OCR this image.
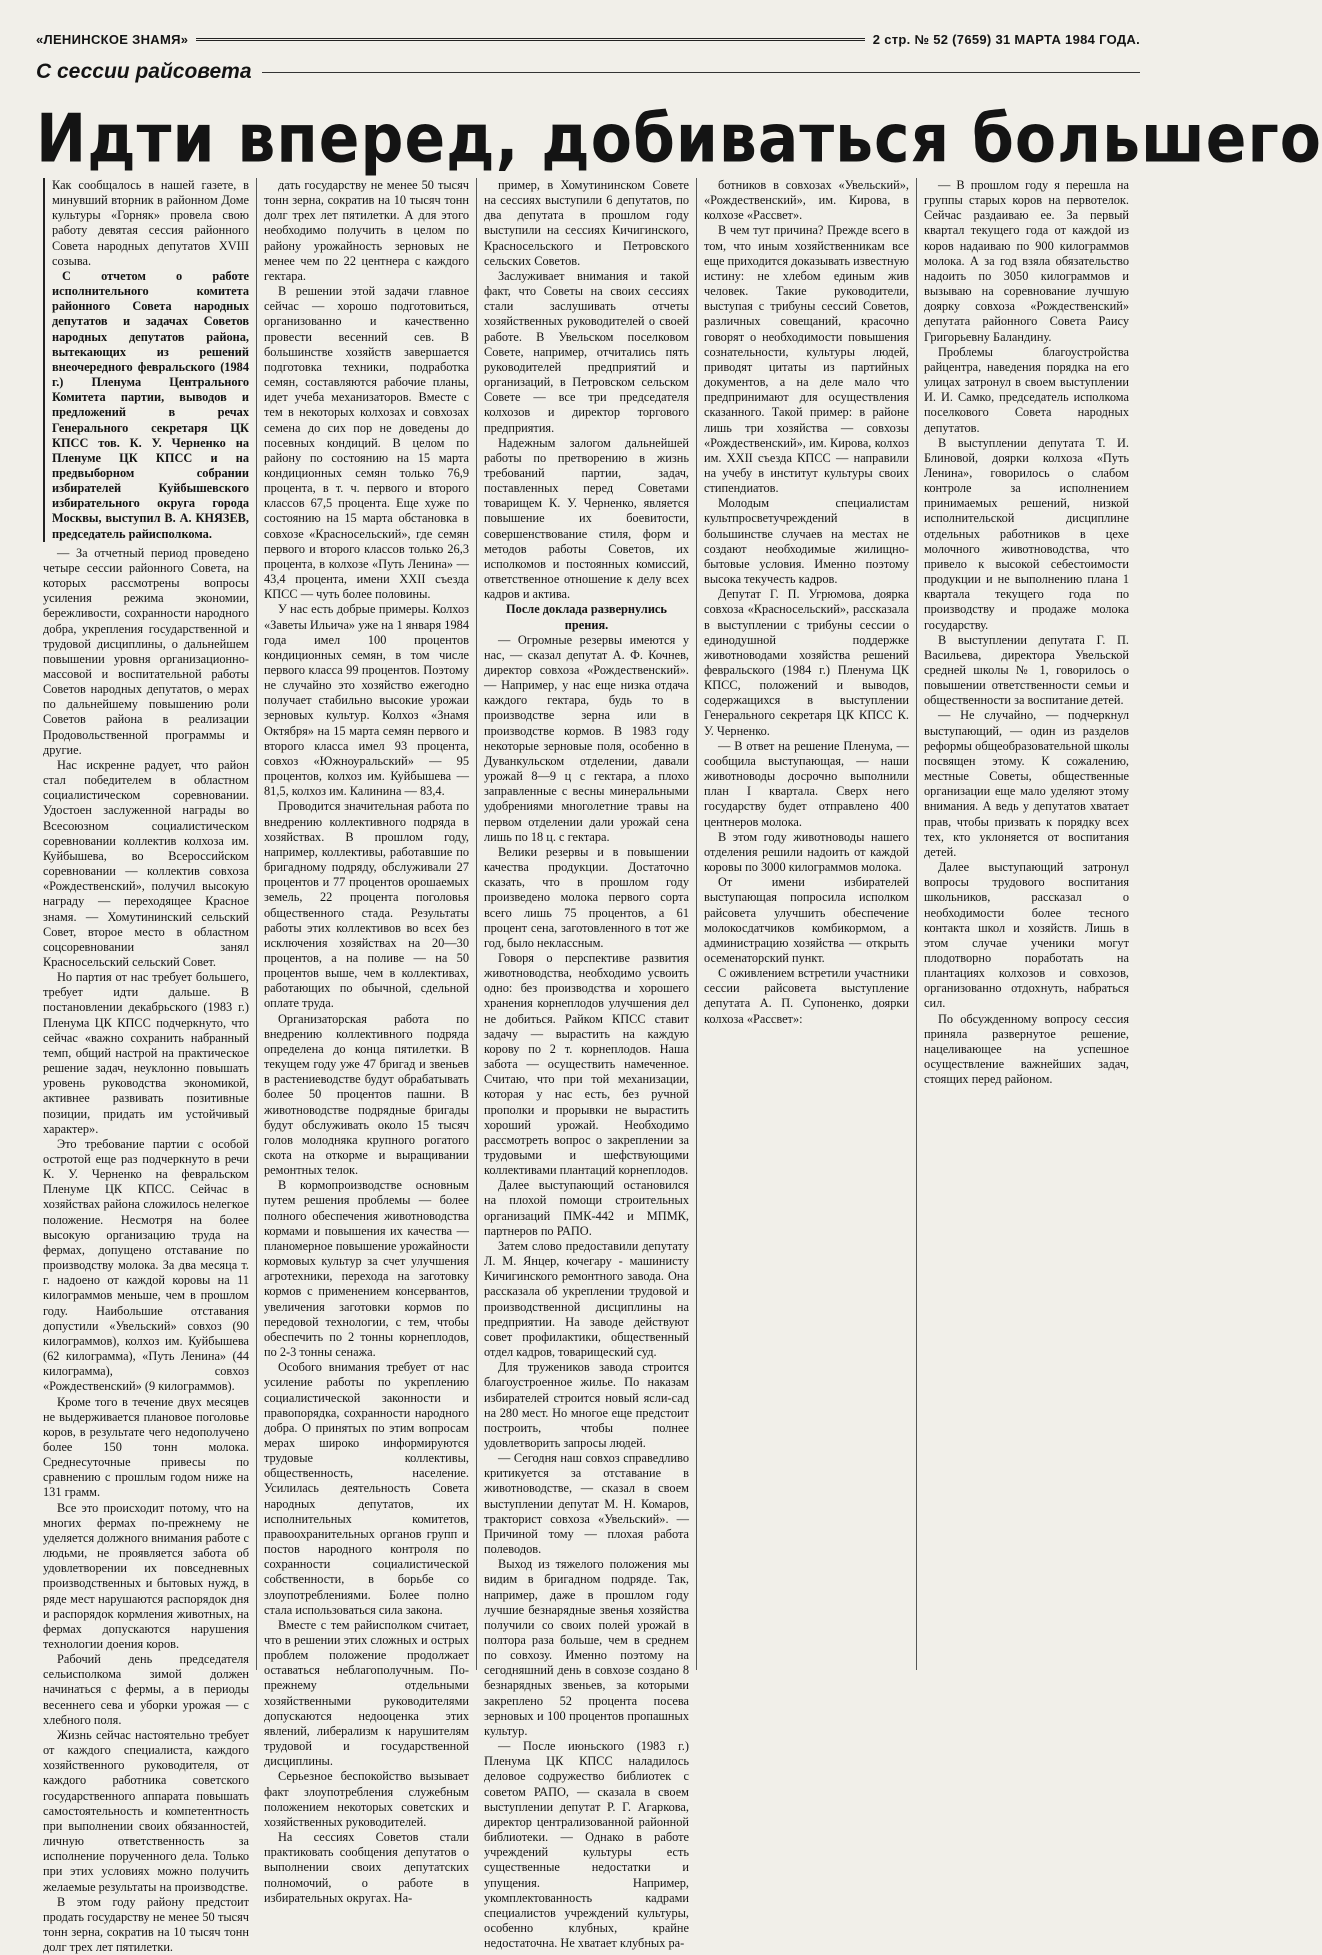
«ЛЕНИНСКОЕ ЗНАМЯ»	2 стр. № 52 (7659) 31 МАРТА 1984 ГОДА.
С сессии райсовета
Идти вперед, добиваться большего

Как сообщалось в нашей газете, в минувший вторник в районном Доме культуры «Горняк» провела свою работу девятая сессия районного Совета народных депутатов XVIII созыва.

С отчетом о работе исполнительного комитета районного Совета народных депутатов и задачах Советов народных депутатов района, вытекающих из решений внеочередного февральского (1984 г.) Пленума Центрального Комитета партии, выводов и предложений в речах Генерального секретаря ЦК КПСС тов. К. У. Черненко на Пленуме ЦК КПСС и на предвыборном собрании избирателей Куйбышевского избирательного округа города Москвы, выступил В. А. КНЯЗЕВ, председатель райисполкома.

— За отчетный период проведено четыре сессии районного Совета, на которых рассмотрены вопросы усиления режима экономии, бережливости, сохранности народного добра, укрепления государственной и трудовой дисциплины, о дальнейшем повышении уровня организационно-массовой и воспитательной работы Советов народных депутатов, о мерах по дальнейшему повышению роли Советов района в реализации Продовольственной программы и другие.

Нас искренне радует, что район стал победителем в областном социалистическом соревновании. Удостоен заслуженной награды во Всесоюзном социалистическом соревновании коллектив колхоза им. Куйбышева, во Всероссийском соревновании — коллектив совхоза «Рождественский», получил высокую награду — переходящее Красное знамя. — Хомутининский сельский Совет, второе место в областном соцсоревновании занял Красносельский сельский Совет.

Но партия от нас требует большего, требует идти дальше. В постановлении декабрьского (1983 г.) Пленума ЦК КПСС подчеркнуто, что сейчас «важно сохранить набранный темп, общий настрой на практическое решение задач, неуклонно повышать уровень руководства экономикой, активнее развивать позитивные позиции, придать им устойчивый характер».

Это требование партии с особой остротой еще раз подчеркнуто в речи К. У. Черненко на февральском Пленуме ЦК КПСС. Сейчас в хозяйствах района сложилось нелегкое положение. Несмотря на более высокую организацию труда на фермах, допущено отставание по производству молока. За два месяца т. г. надоено от каждой коровы на 11 килограммов меньше, чем в прошлом году. Наибольшие отставания допустили «Увельский» совхоз (90 килограммов), колхоз им. Куйбышева (62 килограмма), «Путь Ленина» (44 килограмма), совхоз «Рождественский» (9 килограммов).

Кроме того в течение двух месяцев не выдерживается плановое поголовье коров, в результате чего недополучено более 150 тонн молока. Среднесуточные привесы по сравнению с прошлым годом ниже на 131 грамм.

Все это происходит потому, что на многих фермах по-прежнему не уделяется должного внимания работе с людьми, не проявляется забота об удовлетворении их повседневных производственных и бытовых нужд, в ряде мест нарушаются распорядок дня и распорядок кормления животных, на фермах допускаются нарушения технологии доения коров.

Рабочий день председателя сельисполкома зимой должен начинаться с фермы, а в периоды весеннего сева и уборки урожая — с хлебного поля.

Жизнь сейчас настоятельно требует от каждого специалиста, каждого хозяйственного руководителя, от каждого работника советского государственного аппарата повышать самостоятельность и компетентность при выполнении своих обязанностей, личную ответственность за исполнение порученного дела. Только при этих условиях можно получить желаемые результаты на производстве.

В этом году району предстоит продать государству не менее 50 тысяч тонн зерна, сократив на 10 тысяч тонн долг трех лет пятилетки.

дать государству не менее 50 тысяч тонн зерна, сократив на 10 тысяч тонн долг трех лет пятилетки. А для этого необходимо получить в целом по району урожайность зерновых не менее чем по 22 центнера с каждого гектара.

В решении этой задачи главное сейчас — хорошо подготовиться, организованно и качественно провести весенний сев. В большинстве хозяйств завершается подготовка техники, подработка семян, составляются рабочие планы, идет учеба механизаторов. Вместе с тем в некоторых колхозах и совхозах семена до сих пор не доведены до посевных кондиций. В целом по району по состоянию на 15 марта кондиционных семян только 76,9 процента, в т. ч. первого и второго классов 67,5 процента. Еще хуже по состоянию на 15 марта обстановка в совхозе «Красносельский», где семян первого и второго классов только 26,3 процента, в колхозе «Путь Ленина» — 43,4 процента, имени XXII съезда КПСС — чуть более половины.

У нас есть добрые примеры. Колхоз «Заветы Ильича» уже на 1 января 1984 года имел 100 процентов кондиционных семян, в том числе первого класса 99 процентов. Поэтому не случайно это хозяйство ежегодно получает стабильно высокие урожаи зерновых культур. Колхоз «Знамя Октября» на 15 марта семян первого и второго класса имел 93 процента, совхоз «Южноуральский» — 95 процентов, колхоз им. Куйбышева — 81,5, колхоз им. Калинина — 83,4.

Проводится значительная работа по внедрению коллективного подряда в хозяйствах. В прошлом году, например, коллективы, работавшие по бригадному подряду, обслуживали 27 процентов и 77 процентов орошаемых земель, 22 процента поголовья общественного стада. Результаты работы этих коллективов во всех без исключения хозяйствах на 20—30 процентов, а на поливе — на 50 процентов выше, чем в коллективах, работающих по обычной, сдельной оплате труда.

Организаторская работа по внедрению коллективного подряда определена до конца пятилетки. В текущем году уже 47 бригад и звеньев в растениеводстве будут обрабатывать более 50 процентов пашни. В животноводстве подрядные бригады будут обслуживать около 15 тысяч голов молодняка крупного рогатого скота на откорме и выращивании ремонтных телок.

В кормопроизводстве основным путем решения проблемы — более полного обеспечения животноводства кормами и повышения их качества — планомерное повышение урожайности кормовых культур за счет улучшения агротехники, перехода на заготовку кормов с применением консервантов, увеличения заготовки кормов по передовой технологии, с тем, чтобы обеспечить по 2 тонны корнеплодов, по 2-3 тонны сенажа.

Особого внимания требует от нас усиление работы по укреплению социалистической законности и правопорядка, сохранности народного добра. О принятых по этим вопросам мерах широко информируются трудовые коллективы, общественность, население. Усилилась деятельность Совета народных депутатов, их исполнительных комитетов, правоохранительных органов групп и постов народного контроля по сохранности социалистической собственности, в борьбе со злоупотреблениями. Более полно стала использоваться сила закона.

Вместе с тем райисполком считает, что в решении этих сложных и острых проблем положение продолжает оставаться неблагополучным. По-прежнему отдельными хозяйственными руководителями допускаются недооценка этих явлений, либерализм к нарушителям трудовой и государственной дисциплины.

Серьезное беспокойство вызывает факт злоупотребления служебным положением некоторых советских и хозяйственных руководителей.

На сессиях Советов стали практиковать сообщения депутатов о выполнении своих депутатских полномочий, о работе в избирательных округах. На-

пример, в Хомутининском Совете на сессиях выступили 6 депутатов, по два депутата в прошлом году выступили на сессиях Кичигинского, Красносельского и Петровского сельских Советов.

Заслуживает внимания и такой факт, что Советы на своих сессиях стали заслушивать отчеты хозяйственных руководителей о своей работе. В Увельском поселковом Совете, например, отчитались пять руководителей предприятий и организаций, в Петровском сельском Совете — все три председателя колхозов и директор торгового предприятия.

Надежным залогом дальнейшей работы по претворению в жизнь требований партии, задач, поставленных перед Советами товарищем К. У. Черненко, является повышение их боевитости, совершенствование стиля, форм и методов работы Советов, их исполкомов и постоянных комиссий, ответственное отношение к делу всех кадров и актива.

После доклада развернулись прения.

— Огромные резервы имеются у нас, — сказал депутат А. Ф. Кочнев, директор совхоза «Рождественский». — Например, у нас еще низка отдача каждого гектара, будь то в производстве зерна или в производстве кормов. В 1983 году некоторые зерновые поля, особенно в Дуванкульском отделении, давали урожай 8—9 ц с гектара, а плохо заправленные с весны минеральными удобрениями многолетние травы на первом отделении дали урожай сена лишь по 18 ц. с гектара.

Велики резервы и в повышении качества продукции. Достаточно сказать, что в прошлом году произведено молока первого сорта всего лишь 75 процентов, а 61 процент сена, заготовленного в тот же год, было некласcным.

Говоря о перспективе развития животноводства, необходимо усвоить одно: без производства и хорошего хранения корнеплодов улучшения дел не добиться. Райком КПСС ставит задачу — вырастить на каждую корову по 2 т. корнеплодов. Наша забота — осуществить намеченное. Считаю, что при той механизации, которая у нас есть, без ручной прополки и прорывки не вырастить хороший урожай. Необходимо рассмотреть вопрос о закреплении за трудовыми и шефствующими коллективами плантаций корнеплодов.

Далее выступающий остановился на плохой помощи строительных организаций ПМК-442 и МПМК, партнеров по РАПО.

Затем слово предоставили депутату Л. М. Янцер, кочегару - машинисту Кичигинского ремонтного завода. Она рассказала об укреплении трудовой и производственной дисциплины на предприятии. На заводе действуют совет профилактики, общественный отдел кадров, товарищеский суд.

Для тружеников завода строится благоустроенное жилье. По наказам избирателей строится новый ясли-сад на 280 мест. Но многое еще предстоит построить, чтобы полнее удовлетворить запросы людей.

— Сегодня наш совхоз справедливо критикуется за отставание в животноводстве, — сказал в своем выступлении депутат М. Н. Комаров, тракторист совхоза «Увельский». — Причиной тому — плохая работа полеводов.

Выход из тяжелого положения мы видим в бригадном подряде. Так, например, даже в прошлом году лучшие безнарядные звенья хозяйства получили со своих полей урожай в полтора раза больше, чем в среднем по совхозу. Именно поэтому на сегодняшний день в совхозе создано 8 безнарядных звеньев, за которыми закреплено 52 процента посева зерновых и 100 процентов пропашных культур.

— После июньского (1983 г.) Пленума ЦК КПСС наладилось деловое содружество библиотек с советом РАПО, — сказала в своем выступлении депутат Р. Г. Агаркова, директор централизованной районной библиотеки. — Однако в работе учреждений культуры есть существенные недостатки и упущения. Например, укомплектованность кадрами специалистов учреждений культуры, особенно клубных, крайне недостаточна. Не хватает клубных ра-

ботников в совхозах «Увельский», «Рождественский», им. Кирова, в колхозе «Рассвет».

В чем тут причина? Прежде всего в том, что иным хозяйственникам все еще приходится доказывать известную истину: не хлебом единым жив человек. Такие руководители, выступая с трибуны сессий Советов, различных совещаний, красочно говорят о необходимости повышения сознательности, культуры людей, приводят цитаты из партийных документов, а на деле мало что предпринимают для осуществления сказанного. Такой пример: в районе лишь три хозяйства — совхозы «Рождественский», им. Кирова, колхоз им. XXII съезда КПСС — направили на учебу в институт культуры своих стипендиатов.

Молодым специалистам культпросветучреждений в большинстве случаев на местах не создают необходимые жилищно-бытовые условия. Именно поэтому высока текучесть кадров.

Депутат Г. П. Угрюмова, доярка совхоза «Красносельский», рассказала в выступлении с трибуны сессии о единодушной поддержке животноводами хозяйства решений февральского (1984 г.) Пленума ЦК КПСС, положений и выводов, содержащихся в выступлении Генерального секретаря ЦК КПСС К. У. Черненко.

— В ответ на решение Пленума, — сообщила выступающая, — наши животноводы досрочно выполнили план I квартала. Сверх него государству будет отправлено 400 центнеров молока.

В этом году животноводы нашего отделения решили надоить от каждой коровы по 3000 килограммов молока.

От имени избирателей выступающая попросила исполком райсовета улучшить обеспечение молокосдатчиков комбикормом, а администрацию хозяйства — открыть осеменаторский пункт.

С оживлением встретили участники сессии райсовета выступление депутата А. П. Супоненко, доярки колхоза «Рассвет»:

— В прошлом году я перешла на группы старых коров на первотелок. Сейчас раздаиваю ее. За первый квартал текущего года от каждой из коров надаиваю по 900 килограммов молока. А за год взяла обязательство надоить по 3050 килограммов и вызываю на соревнование лучшую доярку совхоза «Рождественский» депутата районного Совета Раису Григорьевну Баландину.

Проблемы благоустройства райцентра, наведения порядка на его улицах затронул в своем выступлении И. И. Самко, председатель исполкома поселкового Совета народных депутатов.

В выступлении депутата Т. И. Блиновой, доярки колхоза «Путь Ленина», говорилось о слабом контроле за исполнением принимаемых решений, низкой исполнительской дисциплине отдельных работников в цехе молочного животноводства, что привело к высокой себестоимости продукции и не выполнению плана 1 квартала текущего года по производству и продаже молока государству.

В выступлении депутата Г. П. Васильева, директора Увельской средней школы № 1, говорилось о повышении ответственности семьи и общественности за воспитание детей.

— Не случайно, — подчеркнул выступающий, — один из разделов реформы общеобразовательной школы посвящен этому. К сожалению, местные Советы, общественные организации еще мало уделяют этому внимания. А ведь у депутатов хватает прав, чтобы призвать к порядку всех тех, кто уклоняется от воспитания детей.

Далее выступающий затронул вопросы трудового воспитания школьников, рассказал о необходимости более тесного контакта школ и хозяйств. Лишь в этом случае ученики могут плодотворно поработать на плантациях колхозов и совхозов, организованно отдохнуть, набраться сил.

По обсужденному вопросу сессия приняла развернутое решение, нацеливающее на успешное осуществление важнейших задач, стоящих перед районом.
